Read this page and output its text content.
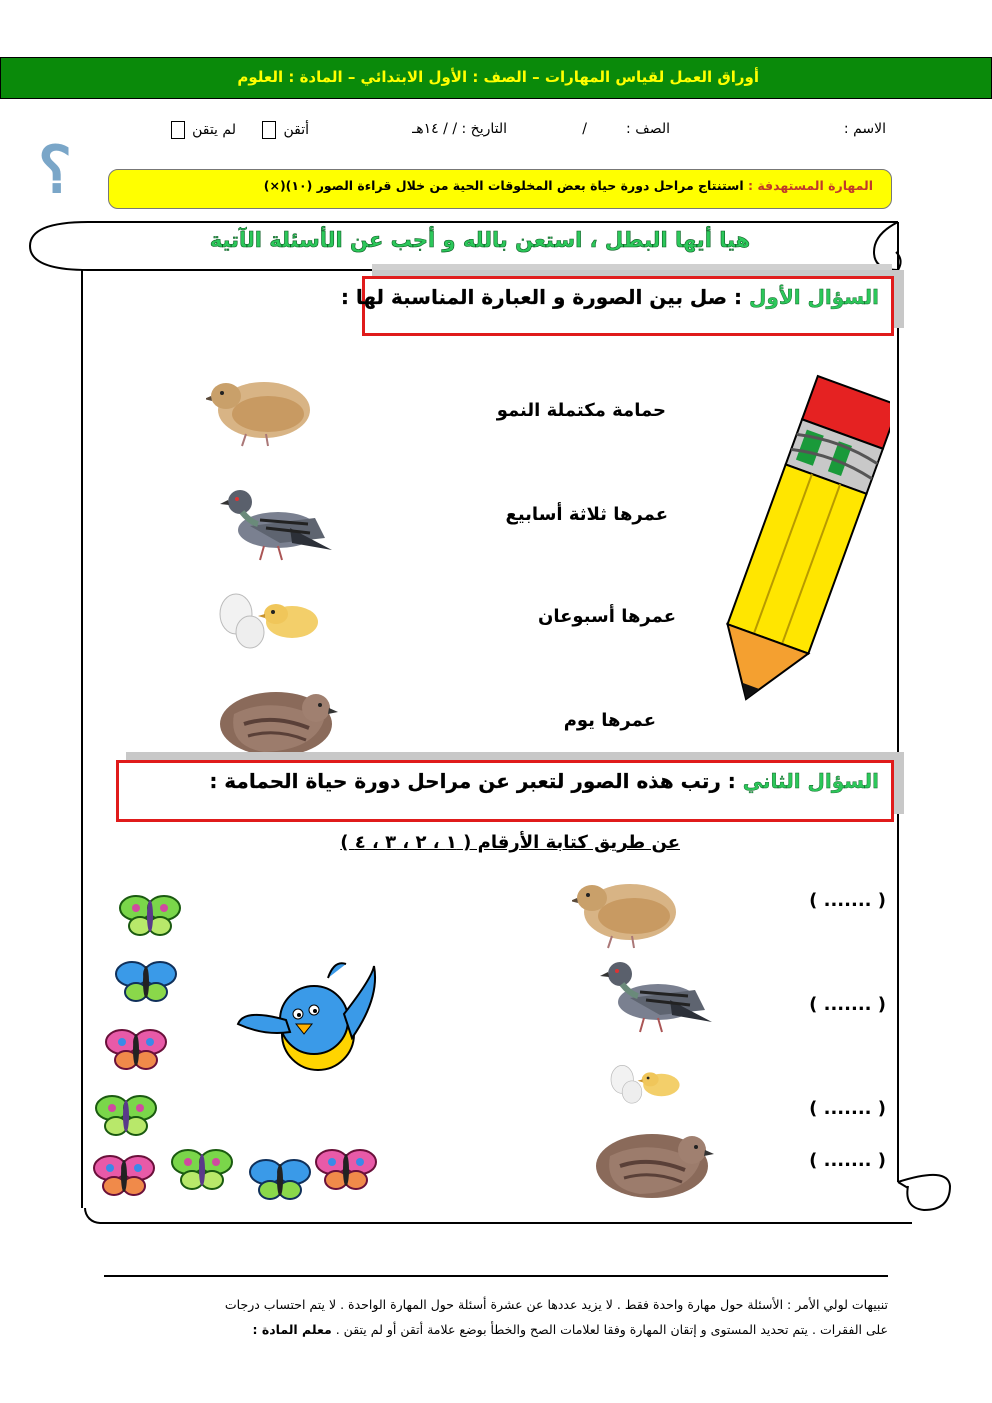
أوراق العمل لقياس المهارات – الصف : الأول الابتدائي – المادة : العلوم
الاسم :
الصف :
/
التاريخ : / / ١٤هـ
أتقن
لم يتقن
؟	المهارة المستهدفة : استنتاج مراحل دورة حياة بعض المخلوقات الحية من خلال قراءة الصور (١٠)(×)
هيا أيها البطل ، استعن بالله و أجب عن الأسئلة الآتية
السؤال الأول : صل بين الصورة و العبارة المناسبة لها :
حمامة مكتملة النمو
عمرها ثلاثة أسابيع
عمرها أسبوعان
عمرها يوم
السؤال الثاني : رتب هذه الصور لتعبر عن مراحل دورة حياة الحمامة :
عن طريق كتابة الأرقام ( ١ ، ٢ ، ٣ ، ٤ )
( ....... )
( ....... )
( ....... )
( ....... )
تنبيهات لولي الأمر : الأسئلة حول مهارة واحدة فقط . لا يزيد عددها عن عشرة أسئلة حول المهارة الواحدة . لا يتم احتساب درجات
على الفقرات . يتم تحديد المستوى و إتقان المهارة وفقا لعلامات الصح والخطأ بوضع علامة أتقن أو لم يتقن . معلم المادة :
